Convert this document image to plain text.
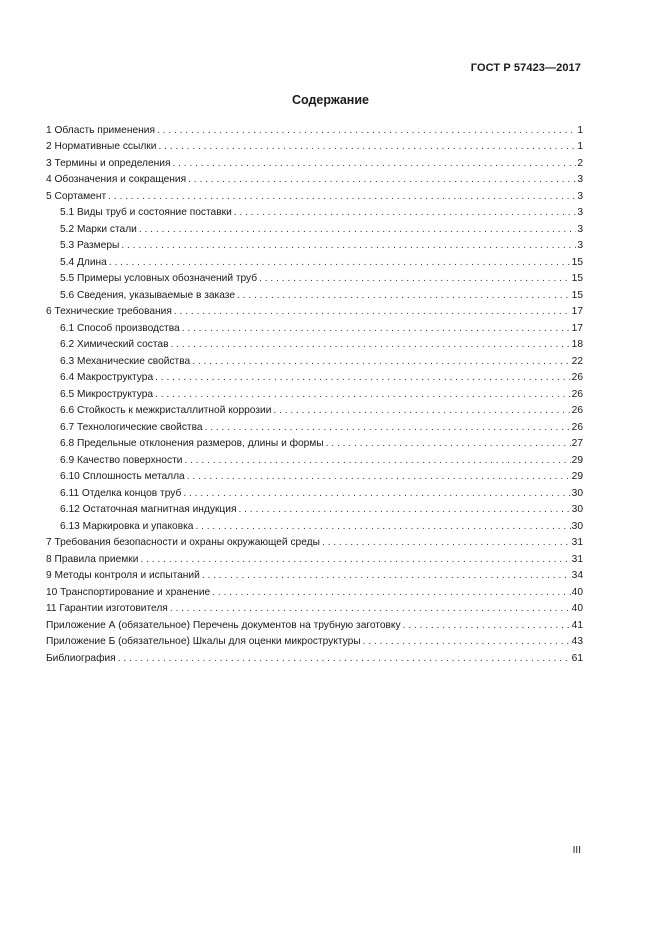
ГОСТ Р 57423—2017
Содержание
1 Область применения . . .	1
2 Нормативные ссылки . . .	1
3 Термины и определения . . .	2
4 Обозначения и сокращения . . .	3
5 Сортамент . . .	3
5.1 Виды труб и состояние поставки . . .	3
5.2 Марки стали . . .	3
5.3 Размеры . . .	3
5.4 Длина . . .	15
5.5 Примеры условных обозначений труб . . .	15
5.6 Сведения, указываемые в заказе . . .	15
6 Технические требования . . .	17
6.1 Способ производства . . .	17
6.2 Химический состав . . .	18
6.3 Механические свойства . . .	22
6.4 Макроструктура . . .	26
6.5 Микроструктура . . .	26
6.6 Стойкость к межкристаллитной коррозии . . .	26
6.7 Технологические свойства . . .	26
6.8 Предельные отклонения размеров, длины и формы . . .	27
6.9 Качество поверхности . . .	29
6.10 Сплошность металла . . .	29
6.11 Отделка концов труб . . .	30
6.12 Остаточная магнитная индукция . . .	30
6.13 Маркировка и упаковка . . .	30
7 Требования безопасности и охраны окружающей среды . . .	31
8 Правила приемки . . .	31
9 Методы контроля и испытаний . . .	34
10 Транспортирование и хранение . . .	40
11 Гарантии изготовителя . . .	40
Приложение А (обязательное) Перечень документов на трубную заготовку . . .	41
Приложение Б (обязательное) Шкалы для оценки микроструктуры . . .	43
Библиография . . .	61
III
